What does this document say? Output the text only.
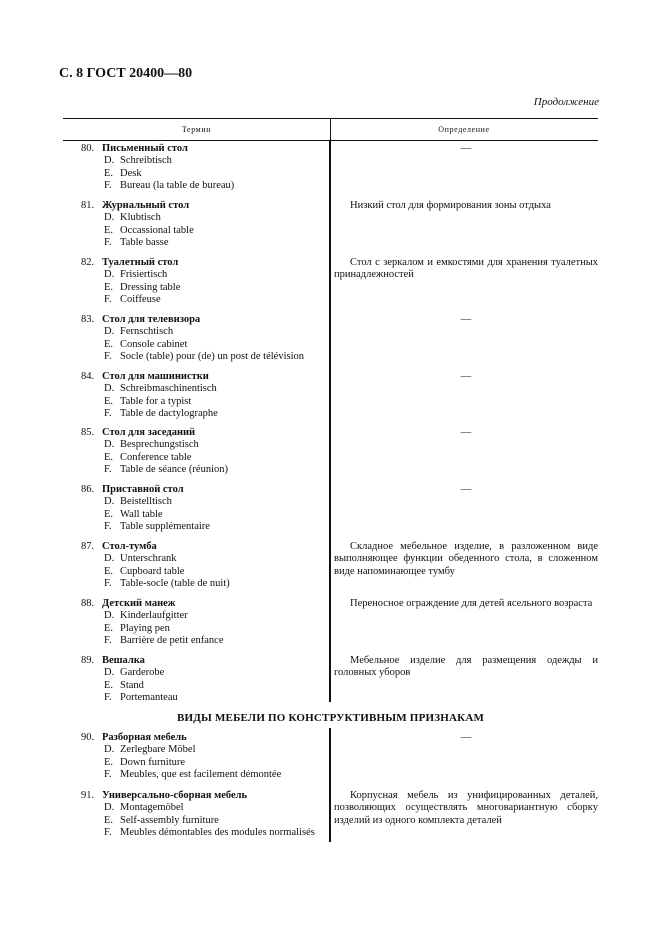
С. 8 ГОСТ 20400—80
Продолжение
Термин	Определение
ВИДЫ МЕБЕЛИ ПО КОНСТРУКТИВНЫМ ПРИЗНАКАМ
80. Письменный стол
D. Schreibtisch
E. Desk
F. Bureau (la table de bureau)
—
81. Журнальный стол
D. Klubtisch
E. Occassional table
F. Table basse
Низкий стол для формирования зоны отдыха
82. Туалетный стол
D. Frisiertisch
E. Dressing table
F. Coiffeuse
Стол с зеркалом и емкостями для хранения туалетных принадлежностей
83. Стол для телевизора
D. Fernschtisch
E. Console cabinet
F. Socle (table) pour (de) un post de télévision
—
84. Стол для машинистки
D. Schreibmaschinentisch
E. Table for a typist
F. Table de dactylographe
—
85. Стол для заседаний
D. Besprechungstisch
E. Conference table
F. Table de séance (réunion)
—
86. Приставной стол
D. Beistelltisch
E. Wall table
F. Table supplémentaire
—
87. Стол-тумба
D. Unterschrank
E. Cupboard table
F. Table-socle (table de nuit)
Складное мебельное изделие, в разложенном виде выполняющее функции обеденного стола, в сложенном виде напоминающее тумбу
88. Детский манеж
D. Kinderlaufgitter
E. Playing pen
F. Barrière de petit enfance
Переносное ограждение для детей ясельного возраста
89. Вешалка
D. Garderobe
E. Stand
F. Portemanteau
Мебельное изделие для размещения одежды и головных уборов
90. Разборная мебель
D. Zerlegbare Möbel
E. Down furniture
F. Meubles, que est facilement démontée
—
91. Универсально-сборная мебель
D. Montagemöbel
E. Self-assembly furniture
F. Meubles démontables des modules normalisés
Корпусная мебель из унифицированных деталей, позволяющих осуществлять многовариантную сборку изделий из одного комплекта деталей
